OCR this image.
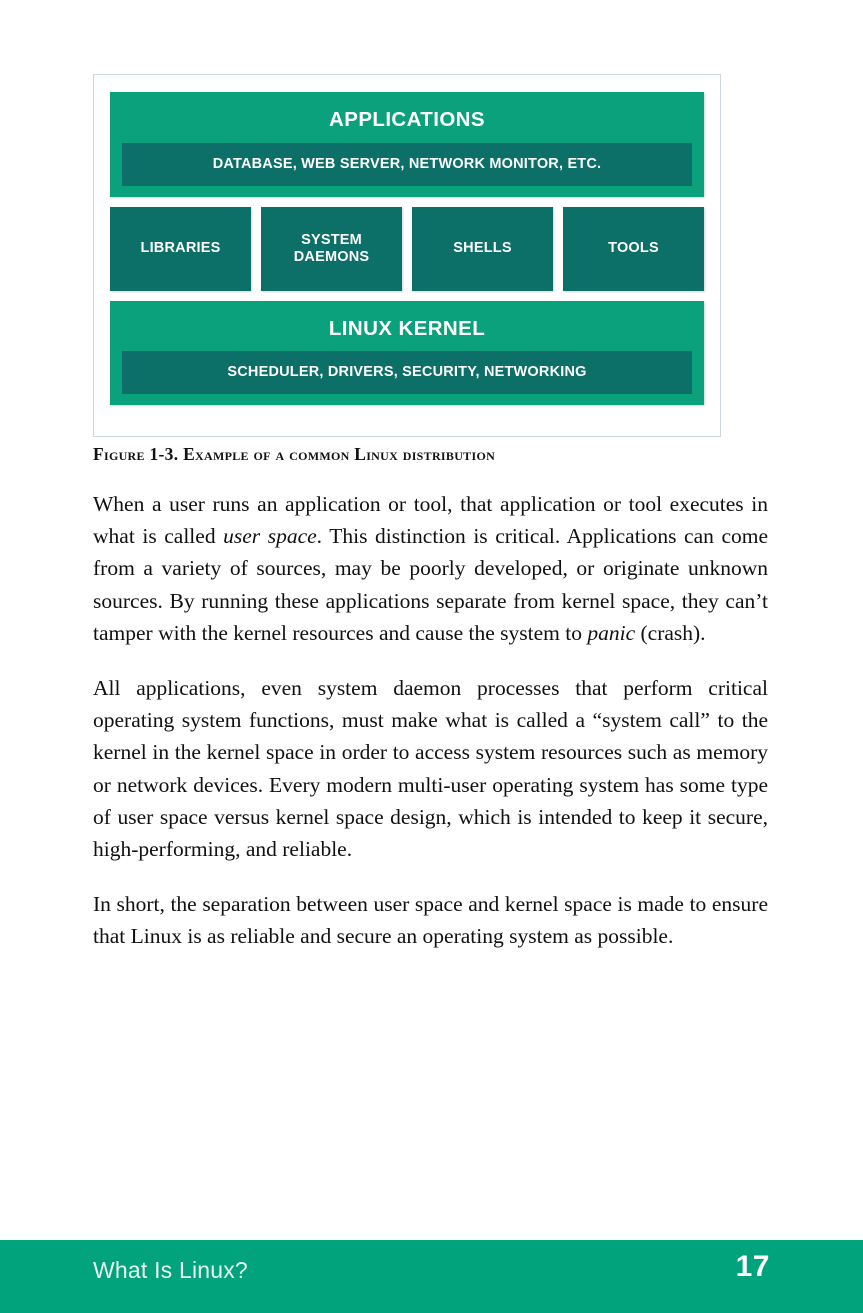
APPLICATIONS
DATABASE, WEB SERVER, NETWORK MONITOR, ETC.
LIBRARIES
SYSTEM
DAEMONS
SHELLS	TOOLS
LINUX KERNEL
SCHEDULER, DRIVERS, SECURITY, NETWORKING
Figure 1-3. Example of a common Linux distribution

When a user runs an application or tool, that application or tool executes in what is called user space. This distinction is critical. Applications can come from a variety of sources, may be poorly developed, or originate unknown sources. By running these applications separate from kernel space, they can’t tamper with the kernel resources and cause the system to panic (crash).

All applications, even system daemon processes that perform critical operating system functions, must make what is called a “system call” to the kernel in the kernel space in order to access system resources such as memory or network devices. Every modern multi-user operating system has some type of user space versus kernel space design, which is intended to keep it secure, high-performing, and reliable.

In short, the separation between user space and kernel space is made to ensure that Linux is as reliable and secure an operating system as possible.

What Is Linux?	17
